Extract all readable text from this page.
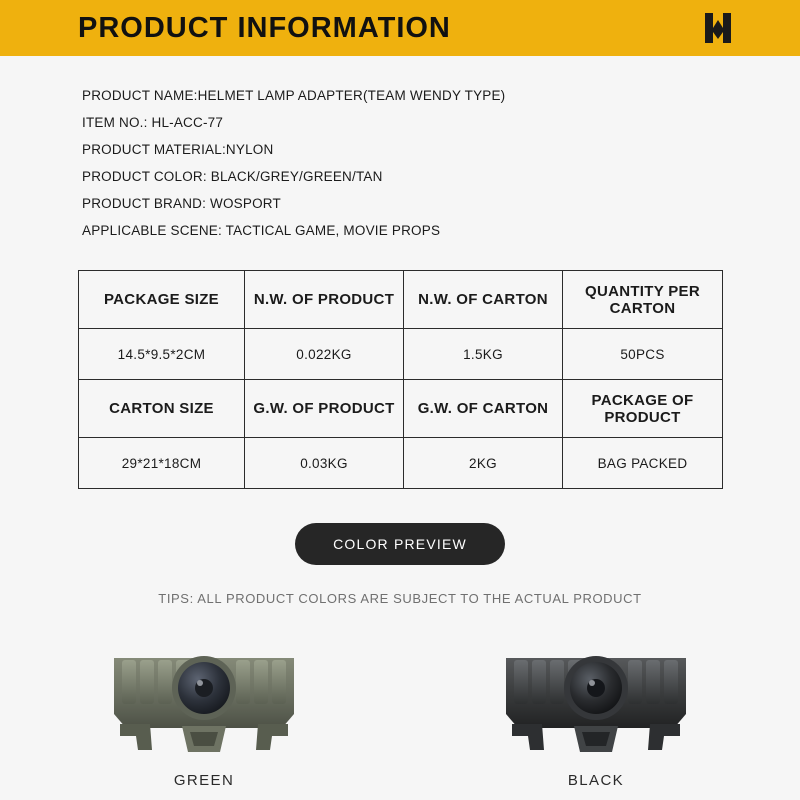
PRODUCT INFORMATION
PRODUCT NAME:HELMET LAMP ADAPTER(TEAM WENDY TYPE)
ITEM NO.: HL-ACC-77
PRODUCT MATERIAL:NYLON
PRODUCT COLOR: BLACK/GREY/GREEN/TAN
PRODUCT BRAND: WOSPORT
APPLICABLE SCENE: TACTICAL GAME, MOVIE PROPS
PACKAGE SIZE	N.W. OF PRODUCT	N.W. OF CARTON	QUANTITY PER CARTON
14.5*9.5*2CM	0.022KG	1.5KG	50PCS
CARTON SIZE	G.W. OF PRODUCT	G.W. OF CARTON	PACKAGE OF PRODUCT
29*21*18CM	0.03KG	2KG	BAG PACKED
COLOR PREVIEW
TIPS: ALL PRODUCT COLORS ARE SUBJECT TO THE ACTUAL PRODUCT
GREEN	BLACK
